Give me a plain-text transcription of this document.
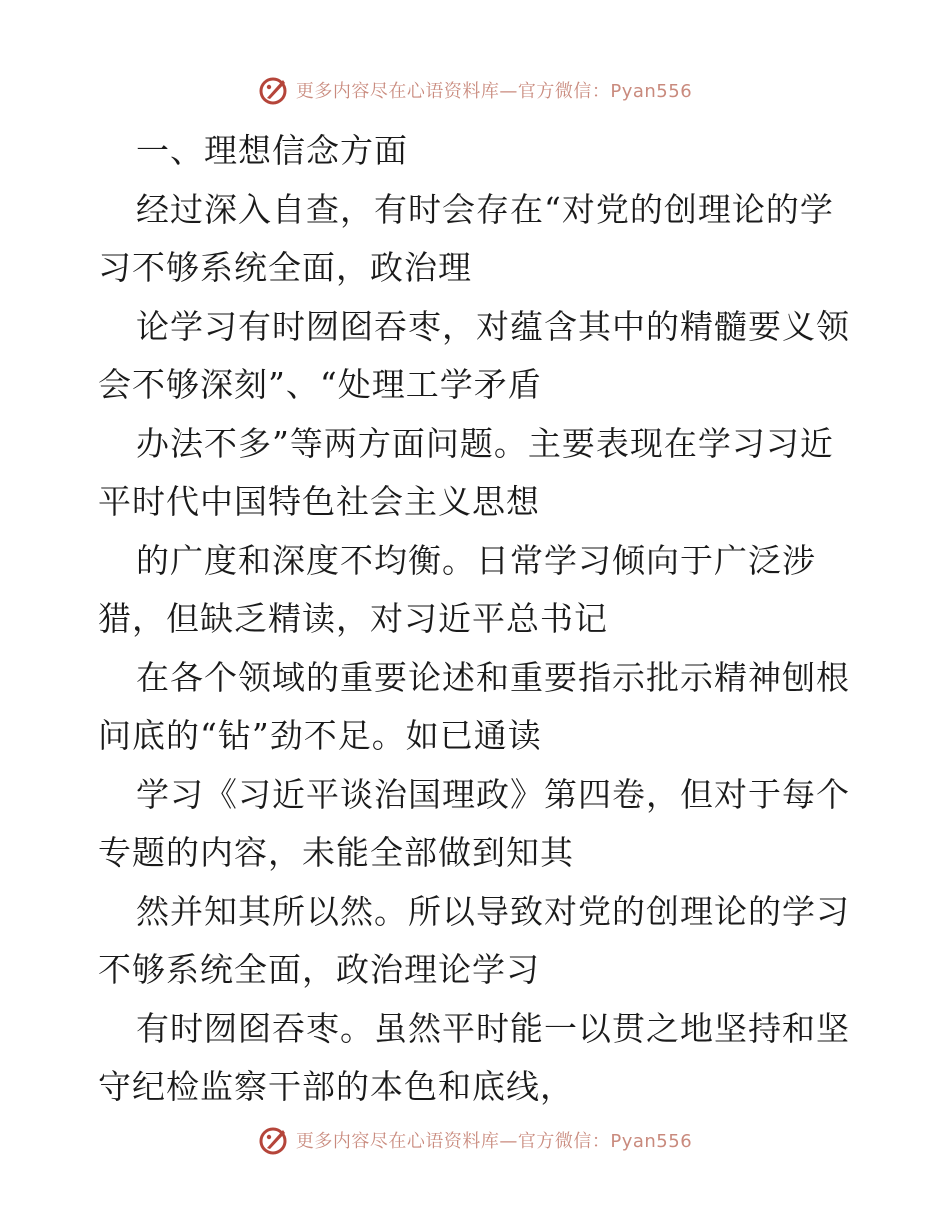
更多内容尽在心语资料库—官方微信：Pyan556
一、理想信念方面
经过深入自查，有时会存在“对党的创理论的学
习不够系统全面，政治理
论学习有时囫囵吞枣，对蕴含其中的精髓要义领
会不够深刻”、“处理工学矛盾
办法不多”等两方面问题。主要表现在学习习近
平时代中国特色社会主义思想
的广度和深度不均衡。日常学习倾向于广泛涉
猎，但缺乏精读，对习近平总书记
在各个领域的重要论述和重要指示批示精神刨根
问底的“钻”劲不足。如已通读
学习《习近平谈治国理政》第四卷，但对于每个
专题的内容，未能全部做到知其
然并知其所以然。所以导致对党的创理论的学习
不够系统全面，政治理论学习
有时囫囵吞枣。虽然平时能一以贯之地坚持和坚
守纪检监察干部的本色和底线，
更多内容尽在心语资料库—官方微信：Pyan556
